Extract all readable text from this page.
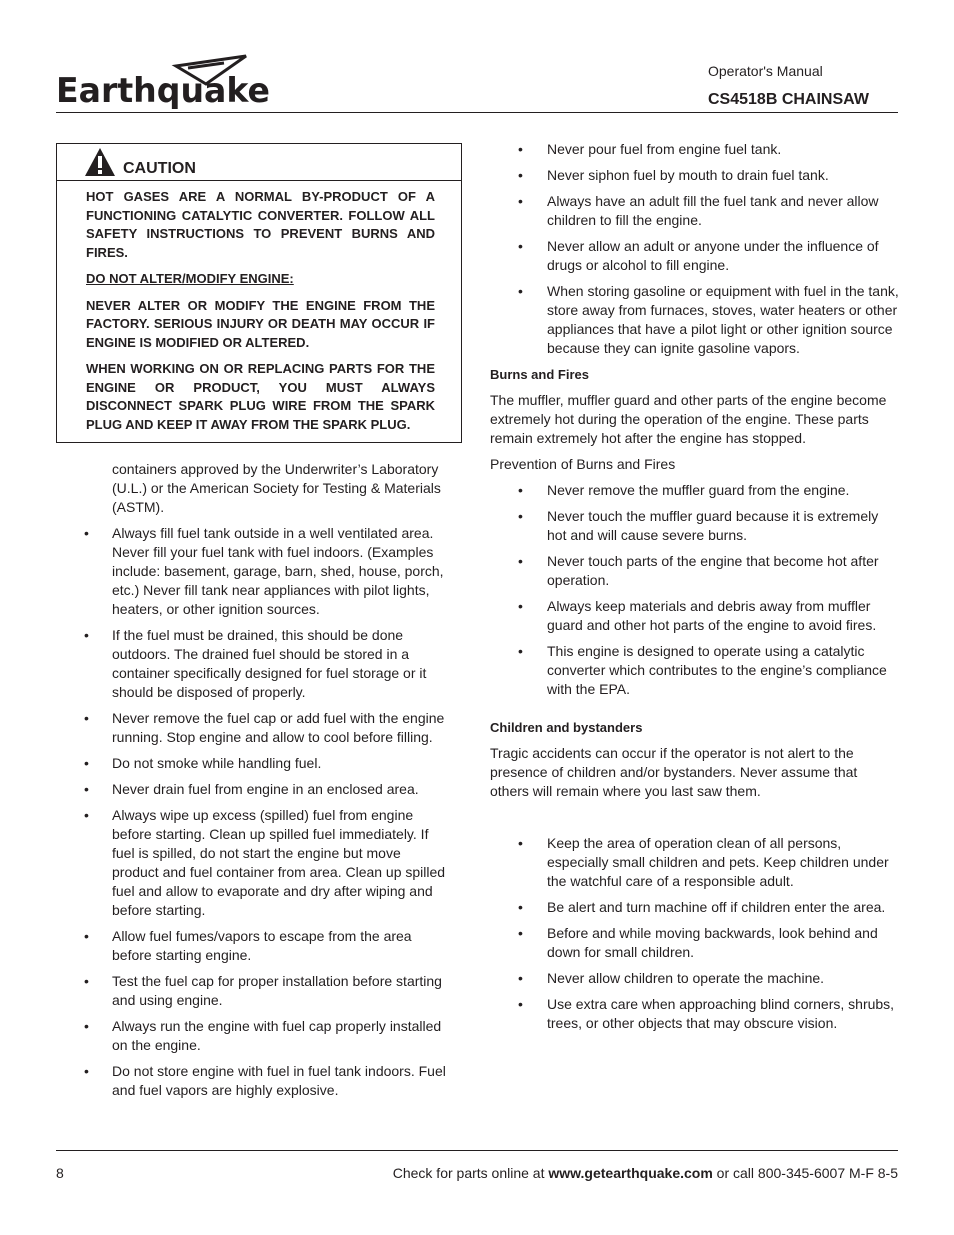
Earthquake	Operator's Manual
CS4518B CHAINSAW
CAUTION

HOT GASES ARE A NORMAL BY-PRODUCT OF A FUNCTIONING CATALYTIC CONVERTER. FOLLOW ALL SAFETY INSTRUCTIONS TO PREVENT BURNS AND FIRES.

DO NOT ALTER/MODIFY ENGINE:

NEVER ALTER OR MODIFY THE ENGINE FROM THE FACTORY. SERIOUS INJURY OR DEATH MAY OCCUR IF ENGINE IS MODIFIED OR ALTERED.

WHEN WORKING ON OR REPLACING PARTS FOR THE ENGINE OR PRODUCT, YOU MUST ALWAYS DISCONNECT SPARK PLUG WIRE FROM THE SPARK PLUG AND KEEP IT AWAY FROM THE SPARK PLUG.

containers approved by the Underwriter’s Laboratory (U.L.) or the American Society for Testing & Materials (ASTM).
• Always fill fuel tank outside in a well ventilated area. Never fill your fuel tank with fuel indoors. (Examples include: basement, garage, barn, shed, house, porch, etc.) Never fill tank near appliances with pilot lights, heaters, or other ignition sources.
• If the fuel must be drained, this should be done outdoors. The drained fuel should be stored in a container specifically designed for fuel storage or it should be disposed of properly.
• Never remove the fuel cap or add fuel with the engine running. Stop engine and allow to cool before filling.
• Do not smoke while handling fuel.
• Never drain fuel from engine in an enclosed area.
• Always wipe up excess (spilled) fuel from engine before starting. Clean up spilled fuel immediately. If fuel is spilled, do not start the engine but move product and fuel container from area. Clean up spilled fuel and allow to evaporate and dry after wiping and before starting.
• Allow fuel fumes/vapors to escape from the area before starting engine.
• Test the fuel cap for proper installation before starting and using engine.
• Always run the engine with fuel cap properly installed on the engine.
• Do not store engine with fuel in fuel tank indoors. Fuel and fuel vapors are highly explosive.
• Never pour fuel from engine fuel tank.
• Never siphon fuel by mouth to drain fuel tank.
• Always have an adult fill the fuel tank and never allow children to fill the engine.
• Never allow an adult or anyone under the influence of drugs or alcohol to fill engine.
• When storing gasoline or equipment with fuel in the tank, store away from furnaces, stoves, water heaters or other appliances that have a pilot light or other ignition source because they can ignite gasoline vapors.
Burns and Fires
The muffler, muffler guard and other parts of the engine become extremely hot during the operation of the engine. These parts remain extremely hot after the engine has stopped.
Prevention of Burns and Fires
• Never remove the muffler guard from the engine.
• Never touch the muffler guard because it is extremely hot and will cause severe burns.
• Never touch parts of the engine that become hot after operation.
• Always keep materials and debris away from muffler guard and other hot parts of the engine to avoid fires.
• This engine is designed to operate using a catalytic converter which contributes to the engine’s compliance with the EPA.
Children and bystanders
Tragic accidents can occur if the operator is not alert to the presence of children and/or bystanders. Never assume that others will remain where you last saw them.
• Keep the area of operation clean of all persons, especially small children and pets. Keep children under the watchful care of a responsible adult.
• Be alert and turn machine off if children enter the area.
• Before and while moving backwards, look behind and down for small children.
• Never allow children to operate the machine.
• Use extra care when approaching blind corners, shrubs, trees, or other objects that may obscure vision.
8	Check for parts online at www.getearthquake.com or call 800-345-6007 M-F 8-5
